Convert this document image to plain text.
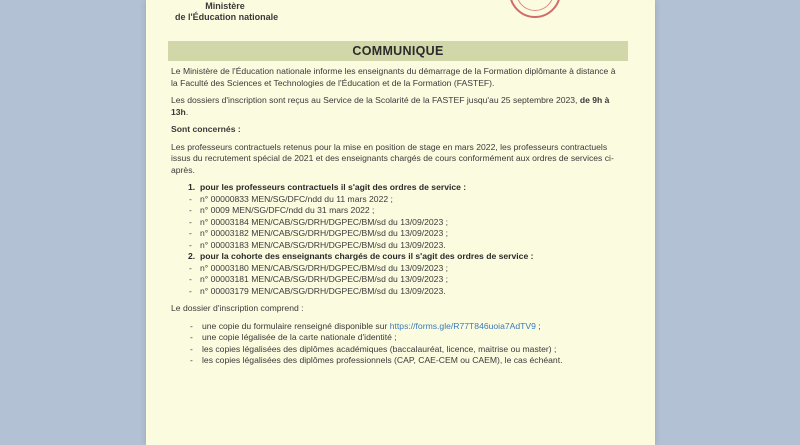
Ministère
de l'Éducation nationale
COMMUNIQUE

Le Ministère de l'Éducation nationale informe les enseignants du démarrage de la Formation diplômante à distance à la Faculté des Sciences et Technologies de l'Éducation et de la Formation (FASTEF).

Les dossiers d'inscription sont reçus au Service de la Scolarité de la FASTEF jusqu'au 25 septembre 2023, de 9h à 13h.

Sont concernés :

Les professeurs contractuels retenus pour la mise en position de stage en mars 2022, les professeurs contractuels issus du recrutement spécial de 2021 et des enseignants chargés de cours conformément aux ordres de services ci-après.

1. pour les professeurs contractuels il s'agit des ordres de service :
- n° 00000833 MEN/SG/DFC/ndd du 11 mars 2022 ;
- n° 0009 MEN/SG/DFC/ndd du 31 mars 2022 ;
- n° 00003184 MEN/CAB/SG/DRH/DGPEC/BM/sd du 13/09/2023 ;
- n° 00003182 MEN/CAB/SG/DRH/DGPEC/BM/sd du 13/09/2023 ;
- n° 00003183 MEN/CAB/SG/DRH/DGPEC/BM/sd du 13/09/2023.
2. pour la cohorte des enseignants chargés de cours il s'agit des ordres de service :
- n° 00003180 MEN/CAB/SG/DRH/DGPEC/BM/sd du 13/09/2023 ;
- n° 00003181 MEN/CAB/SG/DRH/DGPEC/BM/sd du 13/09/2023 ;
- n° 00003179 MEN/CAB/SG/DRH/DGPEC/BM/sd du 13/09/2023.

Le dossier d'inscription comprend :

- une copie du formulaire renseigné disponible sur https://forms.gle/R77T846uoia7AdTV9 ;
- une copie légalisée de la carte nationale d'identité ;
- les copies légalisées des diplômes académiques (baccalauréat, licence, maitrise ou master) ;
- les copies légalisées des diplômes professionnels (CAP, CAE-CEM ou CAEM), le cas échéant.
